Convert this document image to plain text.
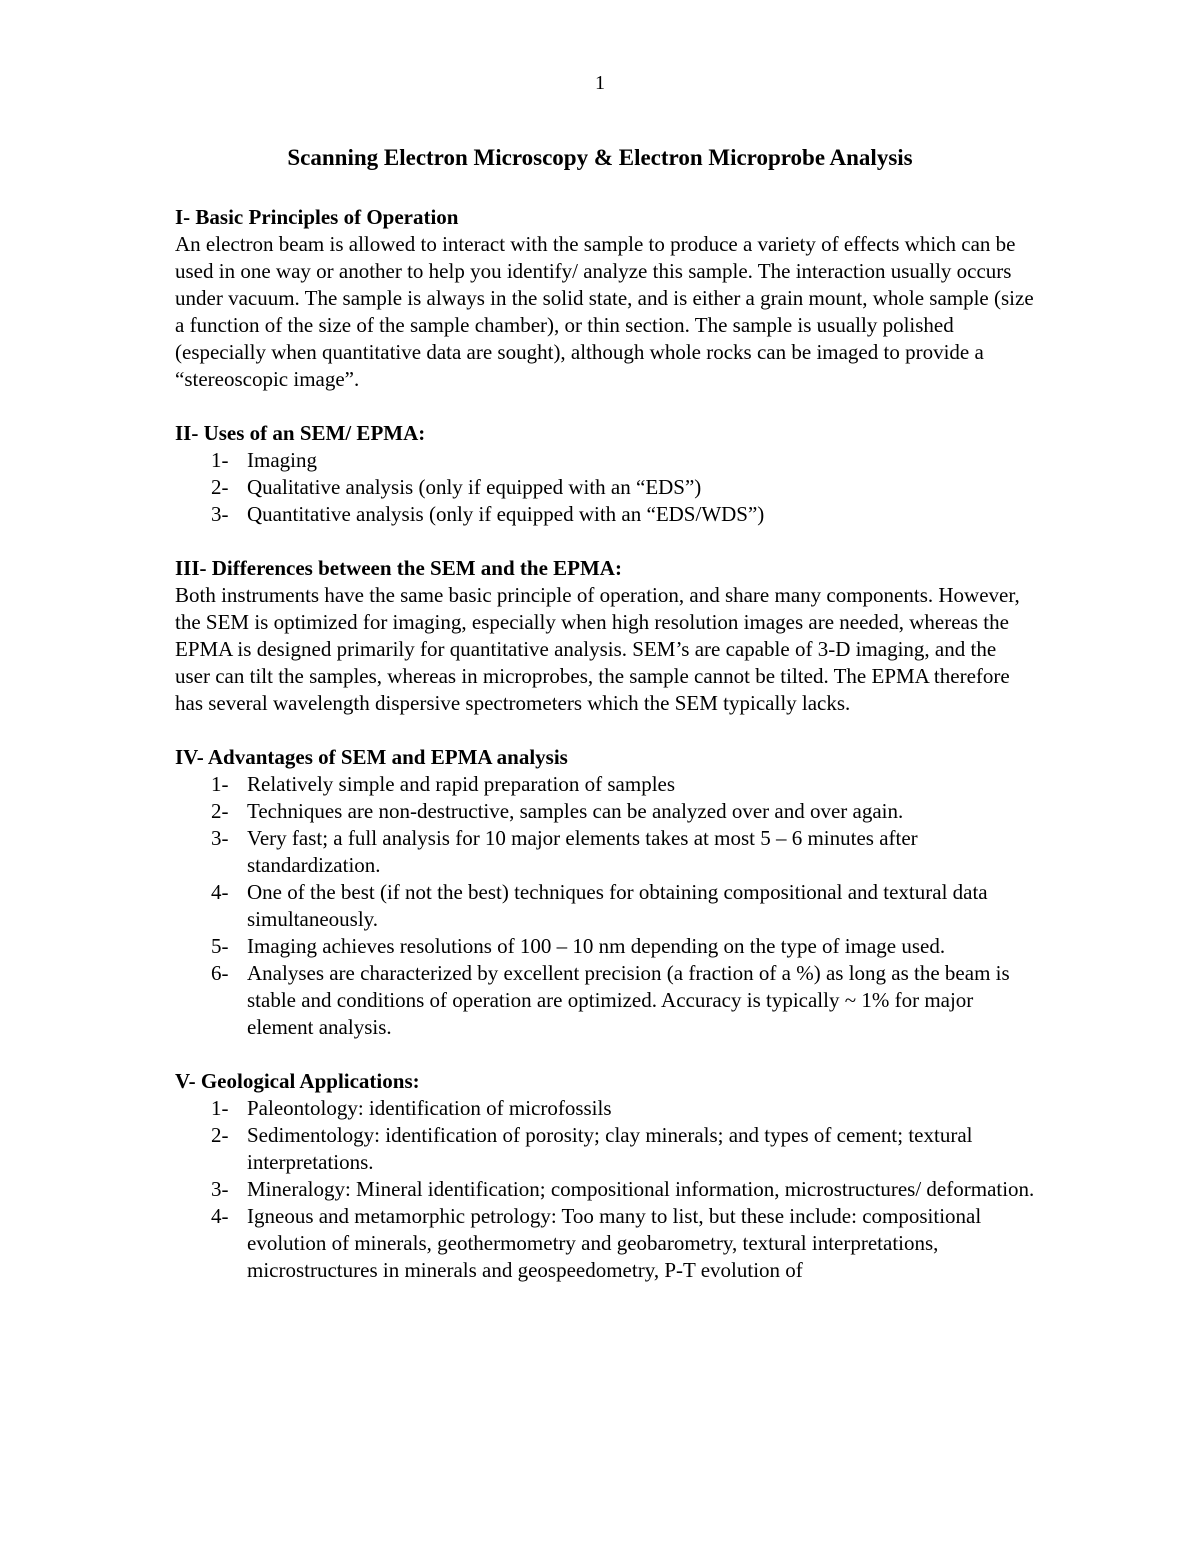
1
Scanning Electron Microscopy & Electron Microprobe Analysis
I- Basic Principles of Operation

An electron beam is allowed to interact with the sample to produce a variety of effects which can be used in one way or another to help you identify/ analyze this sample. The interaction usually occurs under vacuum. The sample is always in the solid state, and is either a grain mount, whole sample (size a function of the size of the sample chamber), or thin section. The sample is usually polished (especially when quantitative data are sought), although whole rocks can be imaged to provide a “stereoscopic image”.

II- Uses of an SEM/ EPMA:
1- Imaging
2- Qualitative analysis (only if equipped with an “EDS”)
3- Quantitative analysis (only if equipped with an “EDS/WDS”)
III- Differences between the SEM and the EPMA:

Both instruments have the same basic principle of operation, and share many components. However, the SEM is optimized for imaging, especially when high resolution images are needed, whereas the EPMA is designed primarily for quantitative analysis. SEM’s are capable of 3-D imaging, and the user can tilt the samples, whereas in microprobes, the sample cannot be tilted. The EPMA therefore has several wavelength dispersive spectrometers which the SEM typically lacks.

IV- Advantages of SEM and EPMA analysis
1- Relatively simple and rapid preparation of samples
2- Techniques are non-destructive, samples can be analyzed over and over again.
3- Very fast; a full analysis for 10 major elements takes at most 5 – 6 minutes after standardization.
4- One of the best (if not the best) techniques for obtaining compositional and textural data simultaneously.
5- Imaging achieves resolutions of 100 – 10 nm depending on the type of image used.
6- Analyses are characterized by excellent precision (a fraction of a %) as long as the beam is stable and conditions of operation are optimized. Accuracy is typically ~ 1% for major element analysis.
V- Geological Applications:
1- Paleontology: identification of microfossils
2- Sedimentology: identification of porosity; clay minerals; and types of cement; textural interpretations.
3- Mineralogy: Mineral identification; compositional information, microstructures/ deformation.
4- Igneous and metamorphic petrology: Too many to list, but these include: compositional evolution of minerals, geothermometry and geobarometry, textural interpretations, microstructures in minerals and geospeedometry, P-T evolution of
